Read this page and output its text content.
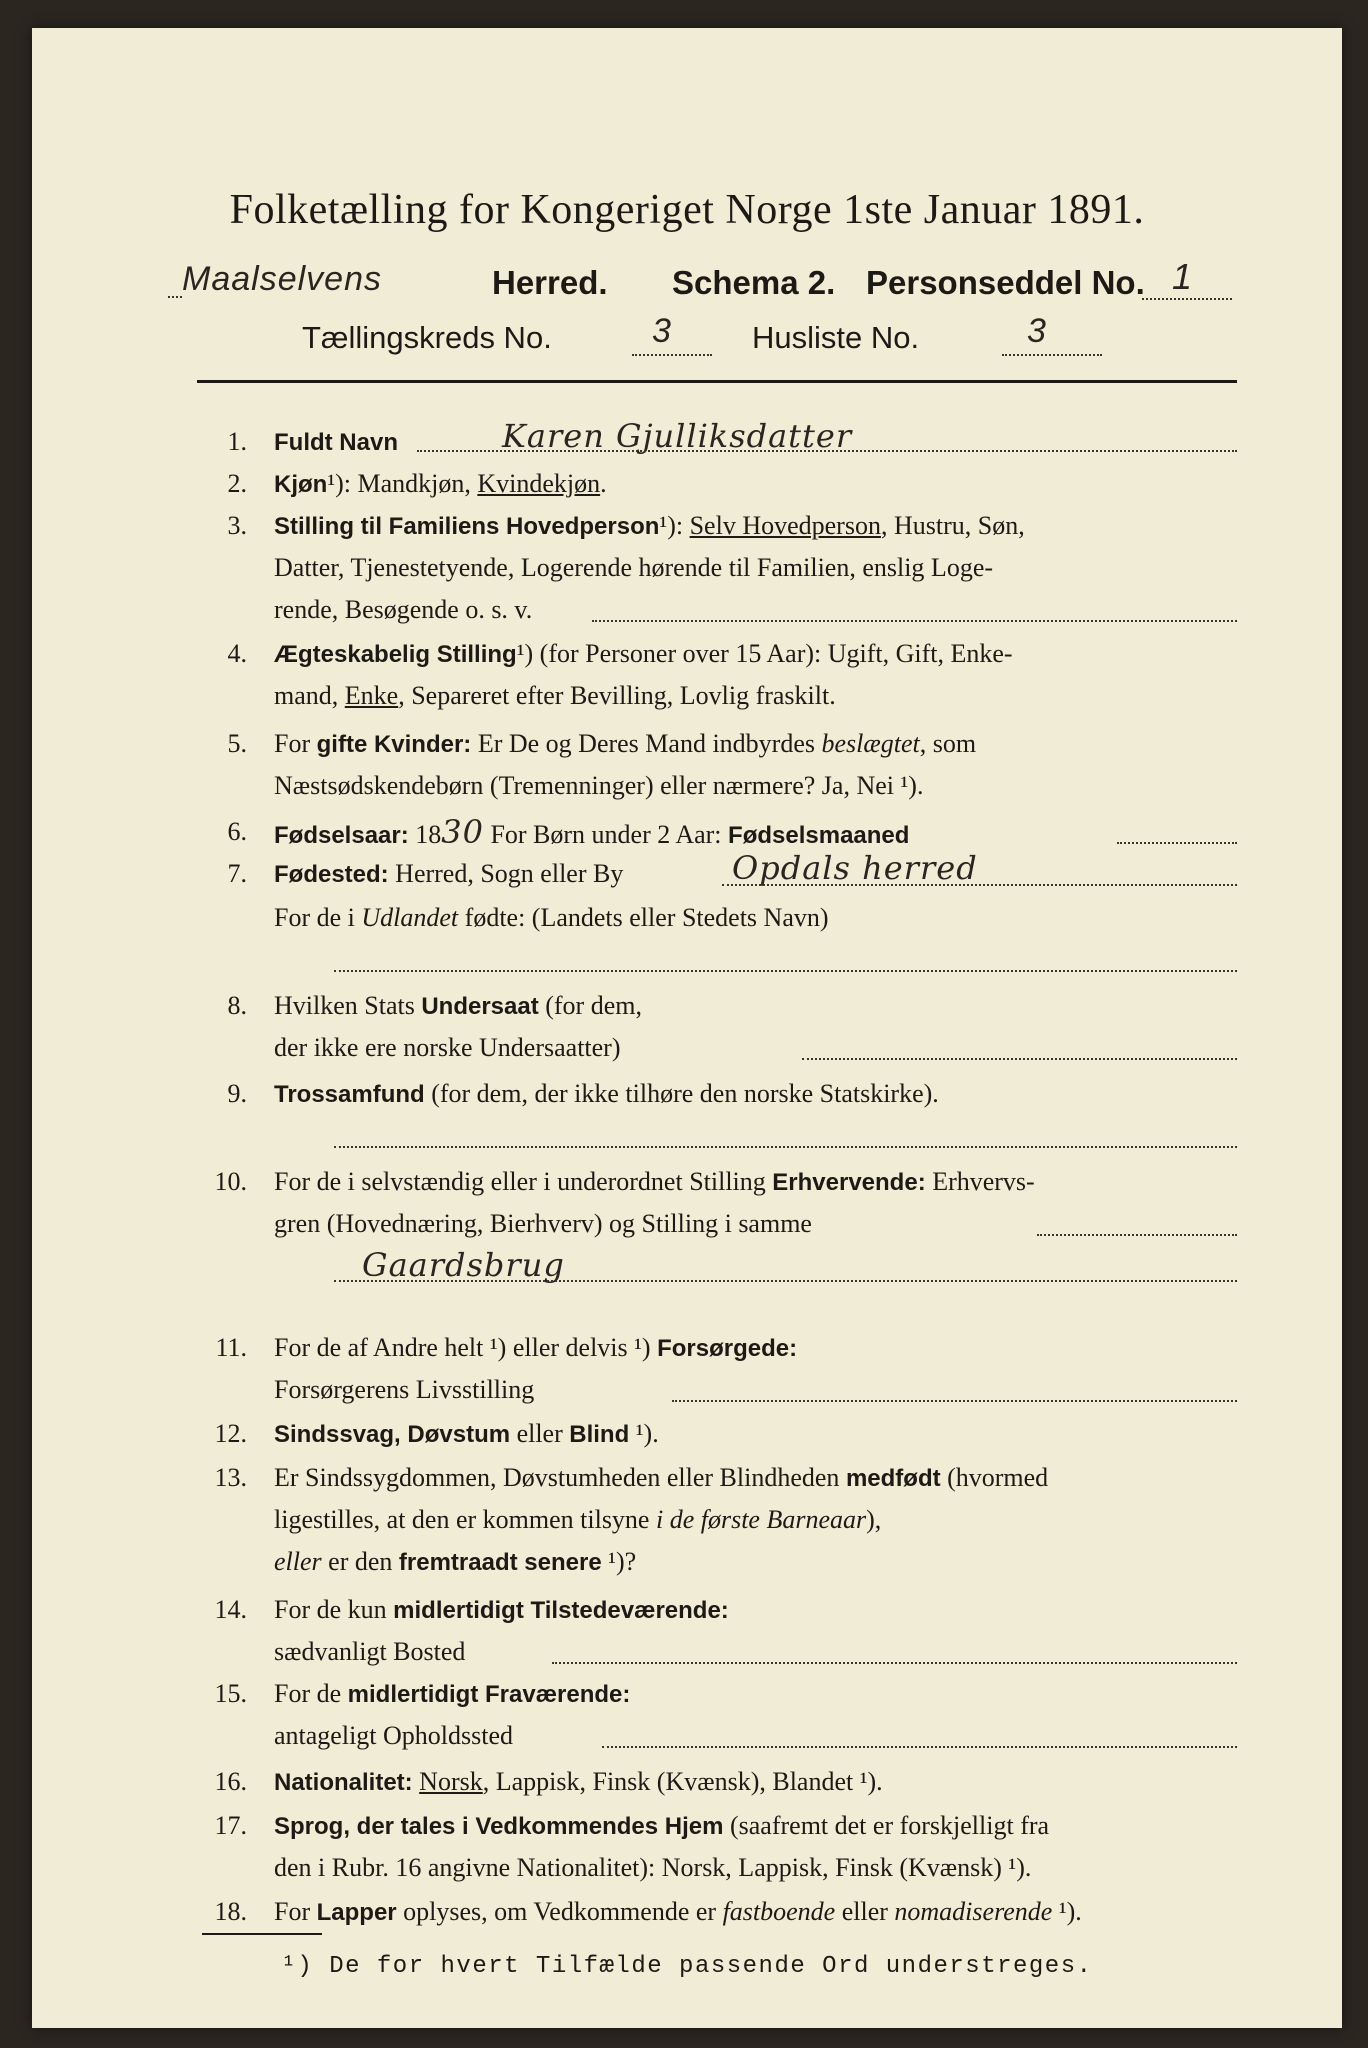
Folketælling for Kongeriget Norge 1ste Januar 1891.
Maalselvens	Herred. Schema 2. Personseddel No. 1
Tællingskreds No.	3	Husliste No.	3
1. Fuldt Navn	Karen Gjulliksdatter
2. Kjøn¹): Mandkjøn, Kvindekjøn.
3. Stilling til Familiens Hovedperson¹): Selv Hovedperson, Hustru, Søn,
Datter, Tjenestetyende, Logerende hørende til Familien, enslig Loge-
rende, Besøgende o. s. v.
4. Ægteskabelig Stilling¹) (for Personer over 15 Aar): Ugift, Gift, Enke-
mand, Enke, Separeret efter Bevilling, Lovlig fraskilt.
5. For gifte Kvinder: Er De og Deres Mand indbyrdes beslægtet, som
Næstsødskendebørn (Tremenninger) eller nærmere? Ja, Nei ¹).
6. Fødselsaar: 1830 For Børn under 2 Aar: Fødselsmaaned
7. Fødested: Herred, Sogn eller By	Opdals herred
For de i Udlandet fødte: (Landets eller Stedets Navn)
8. Hvilken Stats Undersaat (for dem,
der ikke ere norske Undersaatter)
9. Trossamfund (for dem, der ikke tilhøre den norske Statskirke).
10. For de i selvstændig eller i underordnet Stilling Erhvervende: Erhvervs-
gren (Hovednæring, Bierhverv) og Stilling i samme
Gaardsbrug
11. For de af Andre helt ¹) eller delvis ¹) Forsørgede:
Forsørgerens Livsstilling
12. Sindssvag, Døvstum eller Blind ¹).
13. Er Sindssygdommen, Døvstumheden eller Blindheden medfødt (hvormed
ligestilles, at den er kommen tilsyne i de første Barneaar),
eller er den fremtraadt senere ¹)?
14. For de kun midlertidigt Tilstedeværende:
sædvanligt Bosted
15. For de midlertidigt Fraværende:
antageligt Opholdssted
16. Nationalitet: Norsk, Lappisk, Finsk (Kvænsk), Blandet ¹).
17. Sprog, der tales i Vedkommendes Hjem (saafremt det er forskjelligt fra
den i Rubr. 16 angivne Nationalitet): Norsk, Lappisk, Finsk (Kvænsk) ¹).
18. For Lapper oplyses, om Vedkommende er fastboende eller nomadiserende ¹).
¹) De for hvert Tilfælde passende Ord understreges.
